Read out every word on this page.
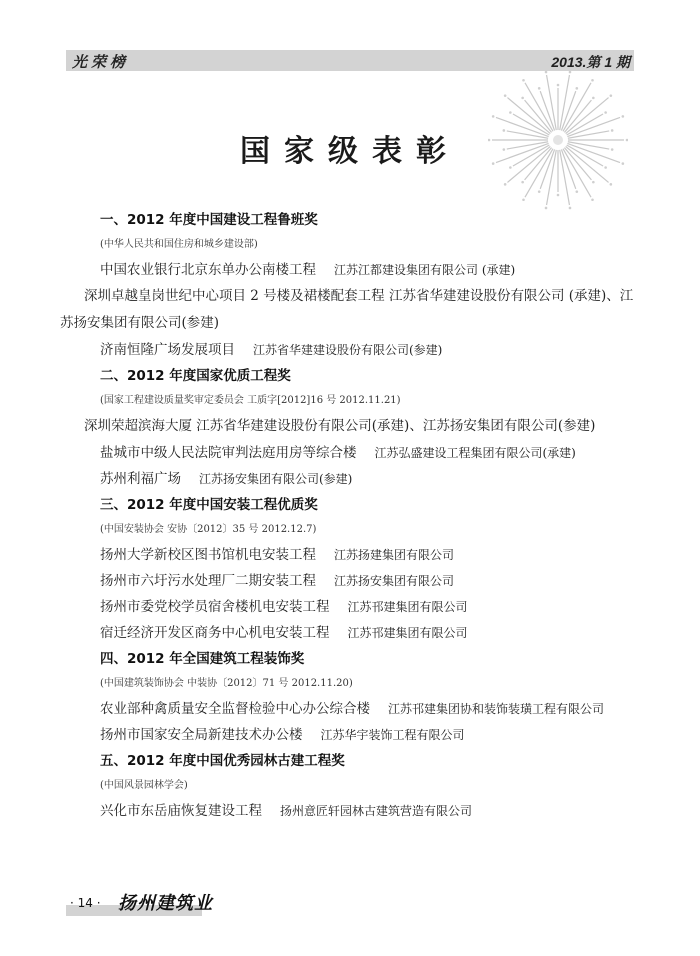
光荣榜	2013.第 1 期
国家级表彰
一、2012 年度中国建设工程鲁班奖
(中华人民共和国住房和城乡建设部)
中国农业银行北京东单办公南楼工程 江苏江都建设集团有限公司 (承建)
深圳卓越皇岗世纪中心项目 2 号楼及裙楼配套工程 江苏省华建建设股份有限公司 (承建)、江苏扬安集团有限公司(参建)
济南恒隆广场发展项目 江苏省华建建设股份有限公司(参建)
二、2012 年度国家优质工程奖
(国家工程建设质量奖审定委员会 工质字[2012]16 号 2012.11.21)
深圳荣超滨海大厦 江苏省华建建设股份有限公司(承建)、江苏扬安集团有限公司(参建)
盐城市中级人民法院审判法庭用房等综合楼 江苏弘盛建设工程集团有限公司(承建)
苏州利福广场 江苏扬安集团有限公司(参建)
三、2012 年度中国安装工程优质奖
(中国安装协会 安协〔2012〕35 号 2012.12.7)
扬州大学新校区图书馆机电安装工程 江苏扬建集团有限公司
扬州市六圩污水处理厂二期安装工程 江苏扬安集团有限公司
扬州市委党校学员宿舍楼机电安装工程 江苏邗建集团有限公司
宿迁经济开发区商务中心机电安装工程 江苏邗建集团有限公司
四、2012 年全国建筑工程装饰奖
(中国建筑装饰协会 中装协〔2012〕71 号 2012.11.20)
农业部种禽质量安全监督检验中心办公综合楼 江苏邗建集团协和装饰装璜工程有限公司
扬州市国家安全局新建技术办公楼 江苏华宇装饰工程有限公司
五、2012 年度中国优秀园林古建工程奖
(中国风景园林学会)
兴化市东岳庙恢复建设工程 扬州意匠轩园林古建筑营造有限公司
· 14 · 扬州建筑业
